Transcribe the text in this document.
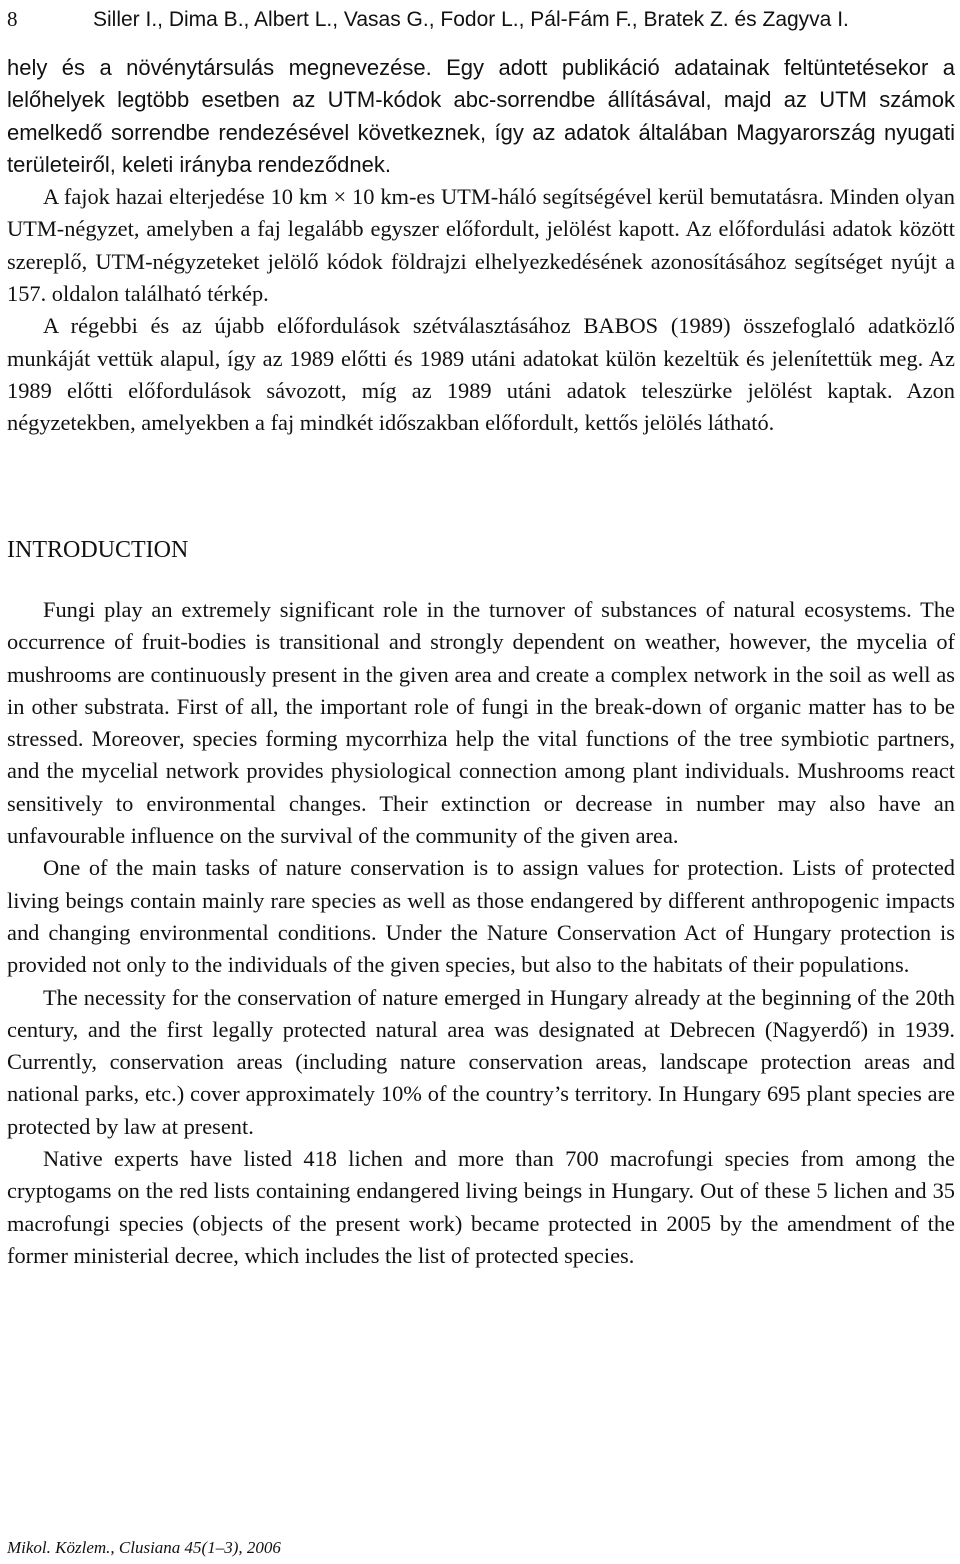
8	Siller I., Dima B., Albert L., Vasas G., Fodor L., Pál-Fám F., Bratek Z. és Zagyva I.

hely és a növénytársulás megnevezése. Egy adott publikáció adatainak feltüntetésekor a lelőhelyek legtöbb esetben az UTM-kódok abc-sorrendbe állításával, majd az UTM számok emelkedő sorrendbe rendezésével következnek, így az adatok általában Magyarország nyugati területeiről, keleti irányba rendeződnek.

A fajok hazai elterjedése 10 km × 10 km-es UTM-háló segítségével kerül bemutatásra. Minden olyan UTM-négyzet, amelyben a faj legalább egyszer előfordult, jelölést kapott. Az előfordulási adatok között szereplő, UTM-négyzeteket jelölő kódok földrajzi elhelyezkedésének azonosításához segítséget nyújt a 157. oldalon található térkép.

A régebbi és az újabb előfordulások szétválasztásához BABOS (1989) összefoglaló adatközlő munkáját vettük alapul, így az 1989 előtti és 1989 utáni adatokat külön kezeltük és jelenítettük meg. Az 1989 előtti előfordulások sávozott, míg az 1989 utáni adatok teleszürke jelölést kaptak. Azon négyzetekben, amelyekben a faj mindkét időszakban előfordult, kettős jelölés látható.

INTRODUCTION

Fungi play an extremely significant role in the turnover of substances of natural ecosystems. The occurrence of fruit-bodies is transitional and strongly dependent on weather, however, the mycelia of mushrooms are continuously present in the given area and create a complex network in the soil as well as in other substrata. First of all, the important role of fungi in the break-down of organic matter has to be stressed. Moreover, species forming mycorrhiza help the vital functions of the tree symbiotic partners, and the mycelial network provides physiological connection among plant individuals. Mushrooms react sensitively to environmental changes. Their extinction or decrease in number may also have an unfavourable influence on the survival of the community of the given area.

One of the main tasks of nature conservation is to assign values for protection. Lists of protected living beings contain mainly rare species as well as those endangered by different anthropogenic impacts and changing environmental conditions. Under the Nature Conservation Act of Hungary protection is provided not only to the individuals of the given species, but also to the habitats of their populations.

The necessity for the conservation of nature emerged in Hungary already at the beginning of the 20th century, and the first legally protected natural area was designated at Debrecen (Nagyerdő) in 1939. Currently, conservation areas (including nature conservation areas, landscape protection areas and national parks, etc.) cover approximately 10% of the country’s territory. In Hungary 695 plant species are protected by law at present.

Native experts have listed 418 lichen and more than 700 macrofungi species from among the cryptogams on the red lists containing endangered living beings in Hungary. Out of these 5 lichen and 35 macrofungi species (objects of the present work) became protected in 2005 by the amendment of the former ministerial decree, which includes the list of protected species.

Mikol. Közlem., Clusiana 45(1–3), 2006
